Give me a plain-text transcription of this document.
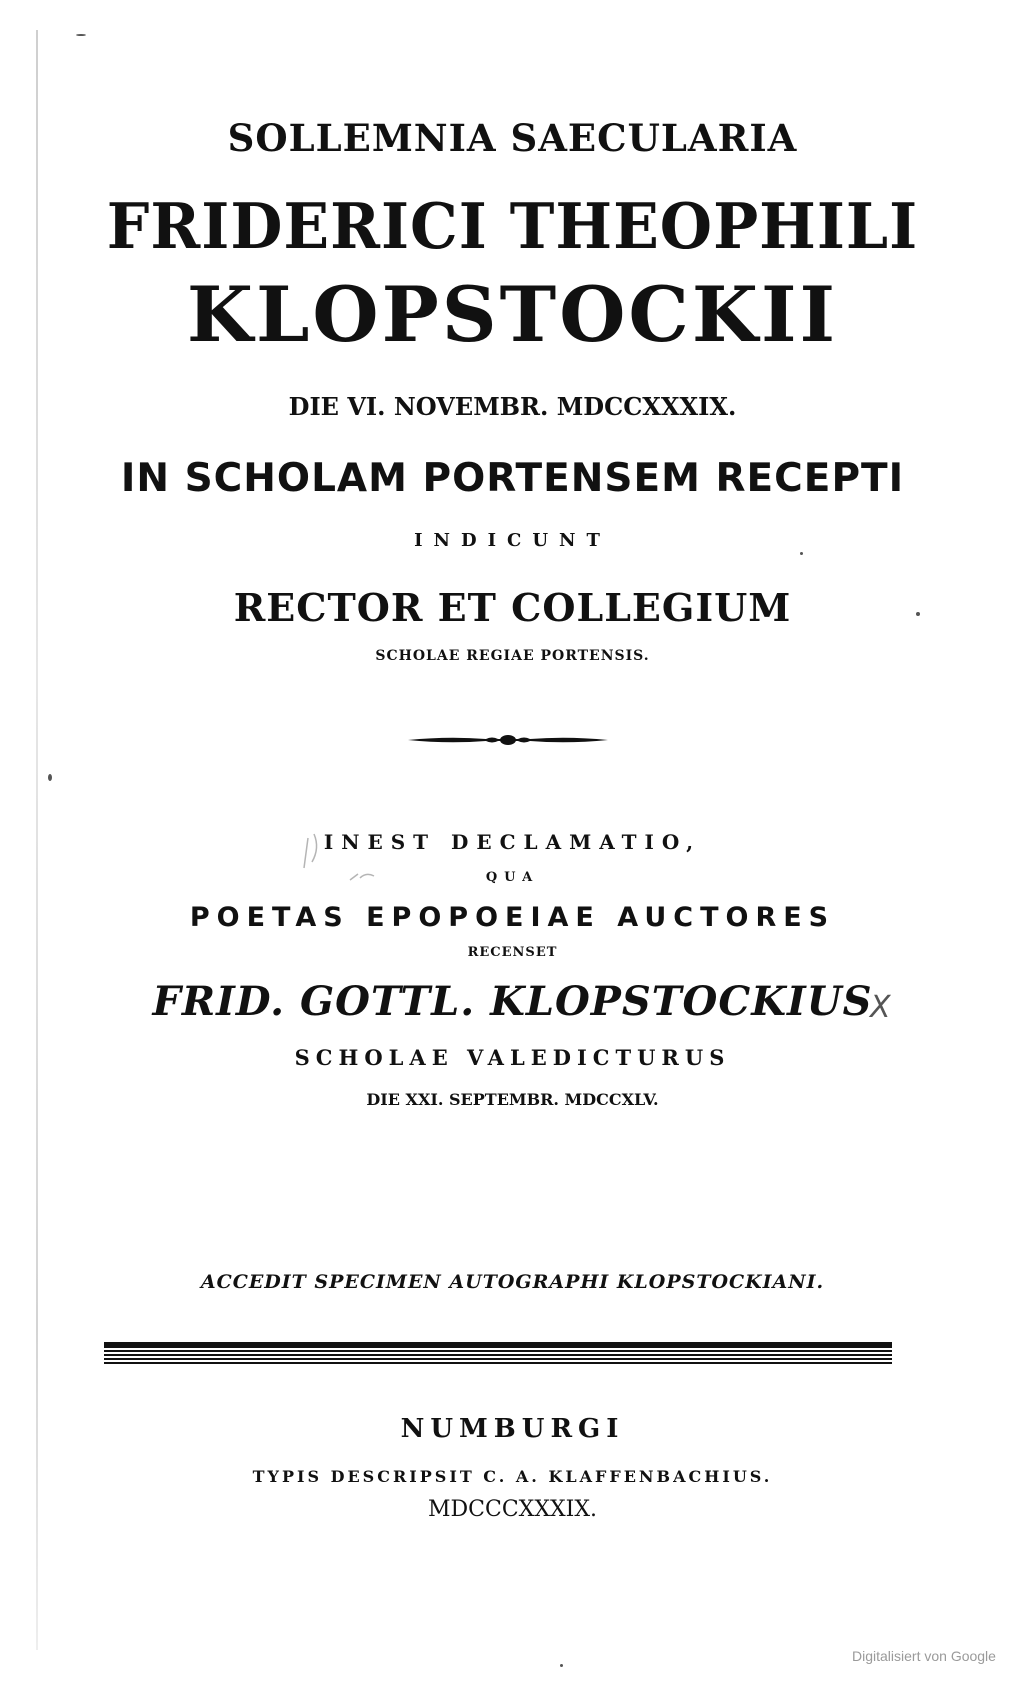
SOLLEMNIA SAECULARIA

FRIDERICI THEOPHILI

KLOPSTOCKII

DIE VI. NOVEMBR. MDCCXXXIX.

IN SCHOLAM PORTENSEM RECEPTI

INDICUNT

RECTOR ET COLLEGIUM

SCHOLAE REGIAE PORTENSIS.

INEST DECLAMATIO,

QUA

POETAS EPOPOEIAE AUCTORES

RECENSET

FRID. GOTTL. KLOPSTOCKIUS

SCHOLAE VALEDICTURUS

DIE XXI. SEPTEMBR. MDCCXLV.

ACCEDIT SPECIMEN AUTOGRAPHI KLOPSTOCKIANI.

NUMBURGI

TYPIS DESCRIPSIT C. A. KLAFFENBACHIUS.

MDCCCXXXIX.

X
Digitalisiert von Google
